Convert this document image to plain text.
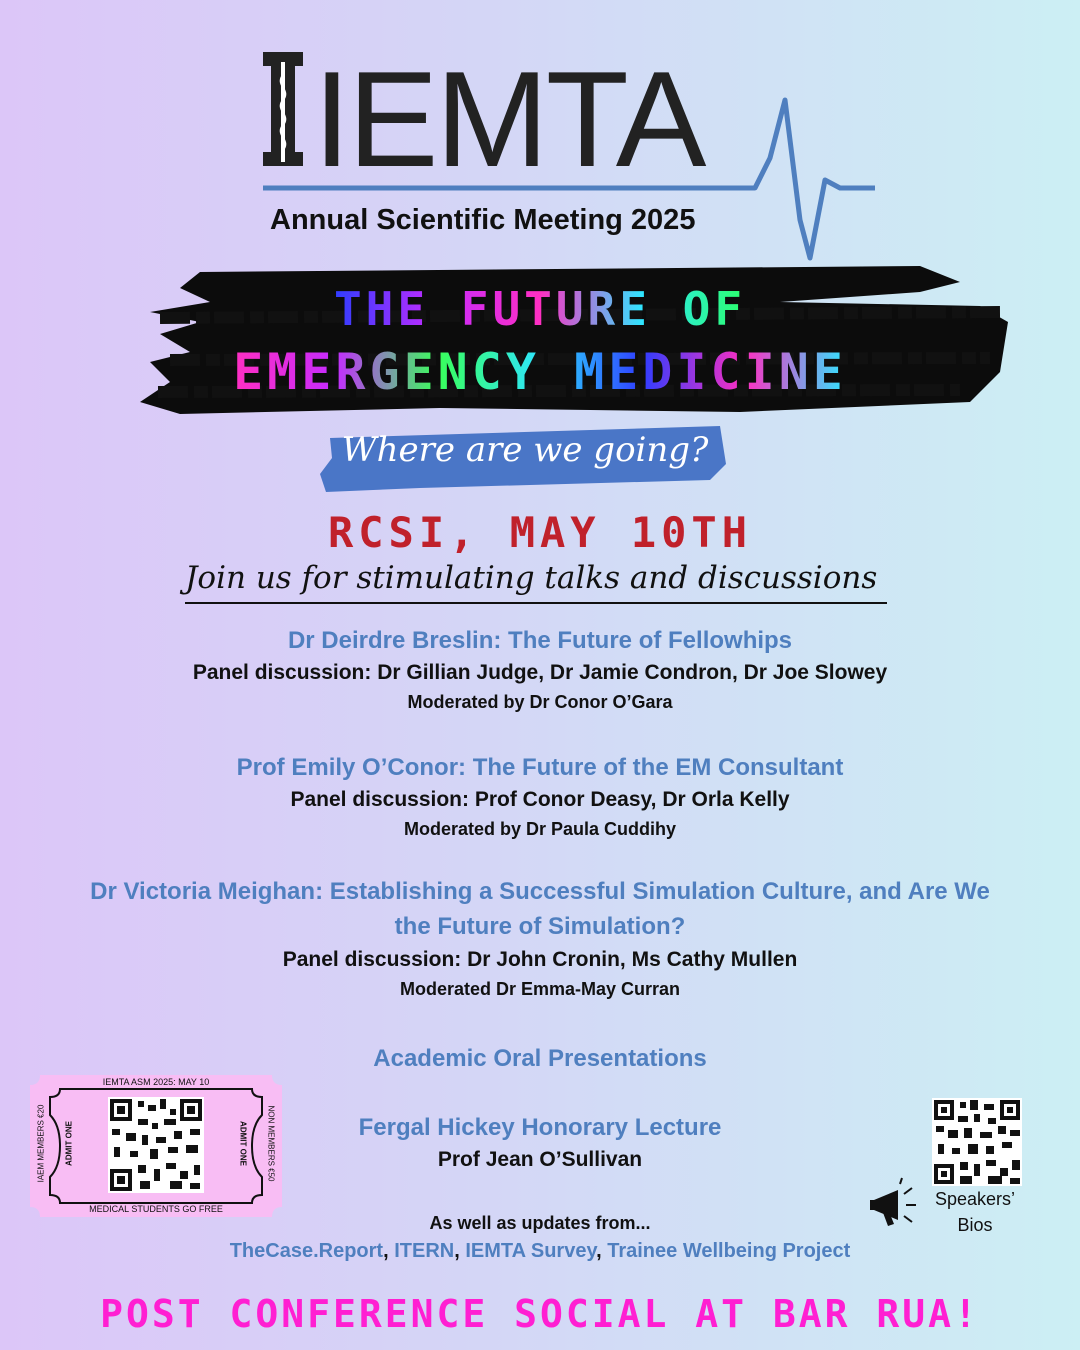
IEMTA
Annual Scientific Meeting 2025
THE FUTURE OF
EMERGENCY MEDICINE
Where are we going?
RCSI, MAY 10TH
Join us for stimulating talks and discussions
Dr Deirdre Breslin: The Future of Fellowhips
Panel discussion: Dr Gillian Judge, Dr Jamie Condron, Dr Joe Slowey
Moderated by Dr Conor O’Gara
Prof Emily O’Conor: The Future of the EM Consultant
Panel discussion: Prof Conor Deasy, Dr Orla Kelly
Moderated by Dr Paula Cuddihy
Dr Victoria Meighan: Establishing a Successful Simulation Culture, and Are We
the Future of Simulation?
Panel discussion: Dr John Cronin, Ms Cathy Mullen
Moderated Dr Emma-May Curran
Academic Oral Presentations
Fergal Hickey Honorary Lecture
Prof Jean O’Sullivan
As well as updates from...
TheCase.Report, ITERN, IEMTA Survey, Trainee Wellbeing Project
IEMTA ASM 2025: MAY 10
MEDICAL STUDENTS GO FREE
IAEM MEMBERS €20	NON MEMBERS €50
ADMIT ONE	ADMIT ONE
Speakers’
Bios
POST CONFERENCE SOCIAL AT BAR RUA!
